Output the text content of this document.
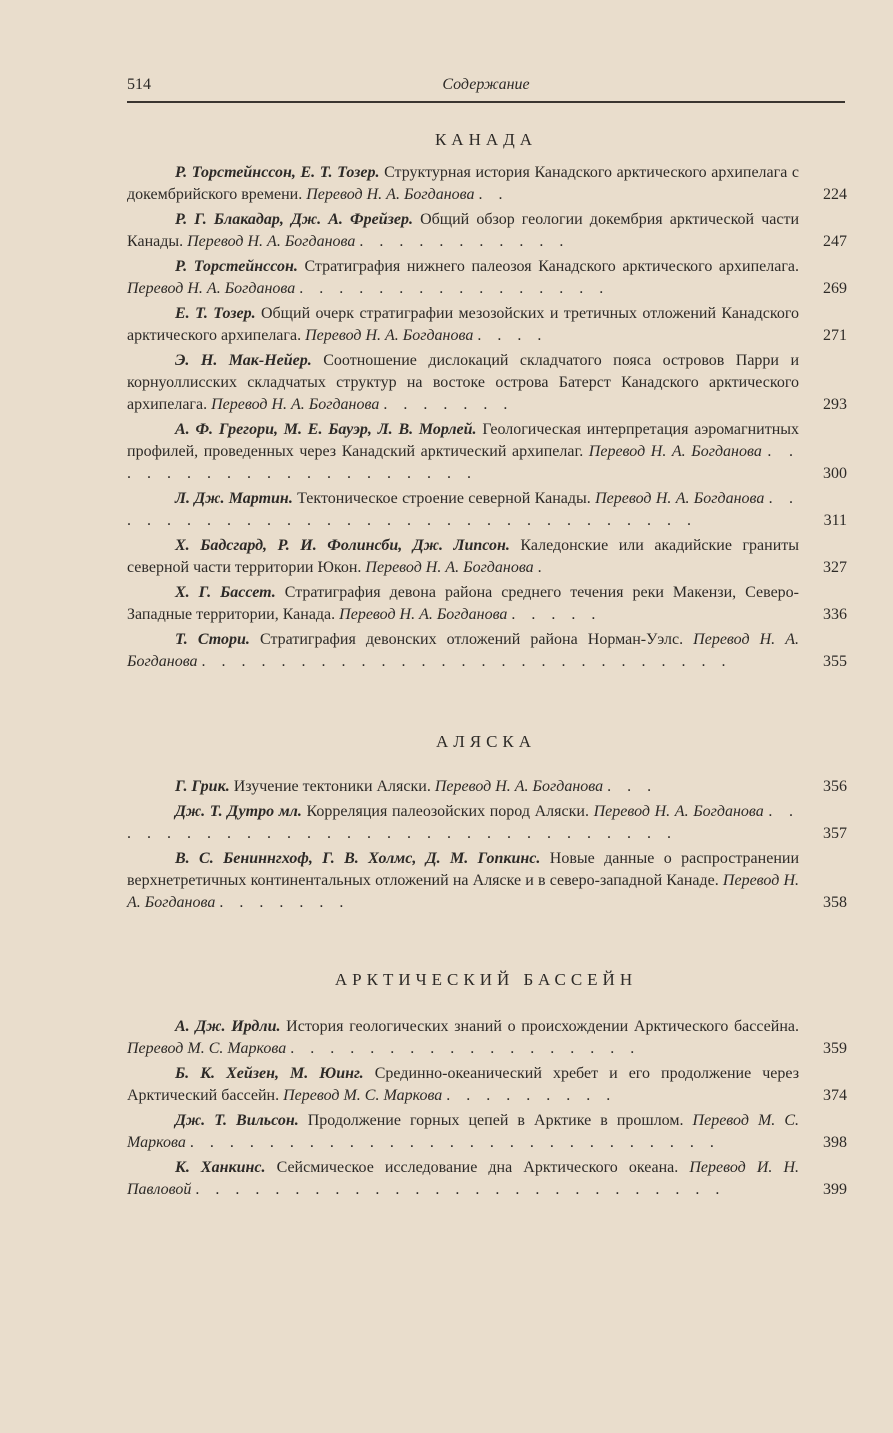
514	Содержание
КАНАДА
Р. Торстейнссон, Е. Т. Тозер. Структурная история Канадского арктического архипелага с докембрийского времени. Перевод Н. А. Богданова . .	224
Р. Г. Блакадар, Дж. А. Фрейзер. Общий обзор геологии докембрия арктической части Канады. Перевод Н. А. Богданова . . . . . . . . . . .	247
Р. Торстейнссон. Стратиграфия нижнего палеозоя Канадского арктического архипелага. Перевод Н. А. Богданова . . . . . . . . . . . . . . . .	269
Е. Т. Тозер. Общий очерк стратиграфии мезозойских и третичных отложений Канадского арктического архипелага. Перевод Н. А. Богданова . . . .	271
Э. Н. Мак-Нейер. Соотношение дислокаций складчатого пояса островов Парри и корнуоллисских складчатых структур на востоке острова Батерст Канадского арктического архипелага. Перевод Н. А. Богданова . . . . . . .	293
А. Ф. Грегори, М. Е. Бауэр, Л. В. Морлей. Геологическая интерпретация аэромагнитных профилей, проведенных через Канадский арктический архипелаг. Перевод Н. А. Богданова . . . . . . . . . . . . . . . . . . . .	300
Л. Дж. Мартин. Тектоническое строение северной Канады. Перевод Н. А. Богданова . . . . . . . . . . . . . . . . . . . . . . . . . . . . . . .	311
Х. Бадсгард, Р. И. Фолинсби, Дж. Липсон. Каледонские или акадийские граниты северной части территории Юкон. Перевод Н. А. Богданова .	327
Х. Г. Бассет. Стратиграфия девона района среднего течения реки Макензи, Северо-Западные территории, Канада. Перевод Н. А. Богданова . . . . .	336
Т. Стори. Стратиграфия девонских отложений района Норман-Уэлс. Перевод Н. А. Богданова . . . . . . . . . . . . . . . . . . . . . . . . . . .	355
АЛЯСКА
Г. Грик. Изучение тектоники Аляски. Перевод Н. А. Богданова . . .	356
Дж. Т. Дутро мл. Корреляция палеозойских пород Аляски. Перевод Н. А. Богданова . . . . . . . . . . . . . . . . . . . . . . . . . . . . . .	357
В. С. Бениннгхоф, Г. В. Холмс, Д. М. Гопкинс. Новые данные о распространении верхнетретичных континентальных отложений на Аляске и в северо-западной Канаде. Перевод Н. А. Богданова . . . . . . .	358
АРКТИЧЕСКИЙ БАССЕЙН
А. Дж. Ирдли. История геологических знаний о происхождении Арктического бассейна. Перевод М. С. Маркова . . . . . . . . . . . . . . . . . .	359
Б. К. Хейзен, М. Юинг. Срединно-океанический хребет и его продолжение через Арктический бассейн. Перевод М. С. Маркова . . . . . . . . .	374
Дж. Т. Вильсон. Продолжение горных цепей в Арктике в прошлом. Перевод М. С. Маркова . . . . . . . . . . . . . . . . . . . . . . . . . . .	398
К. Ханкинс. Сейсмическое исследование дна Арктического океана. Перевод И. Н. Павловой . . . . . . . . . . . . . . . . . . . . . . . . . . .	399
